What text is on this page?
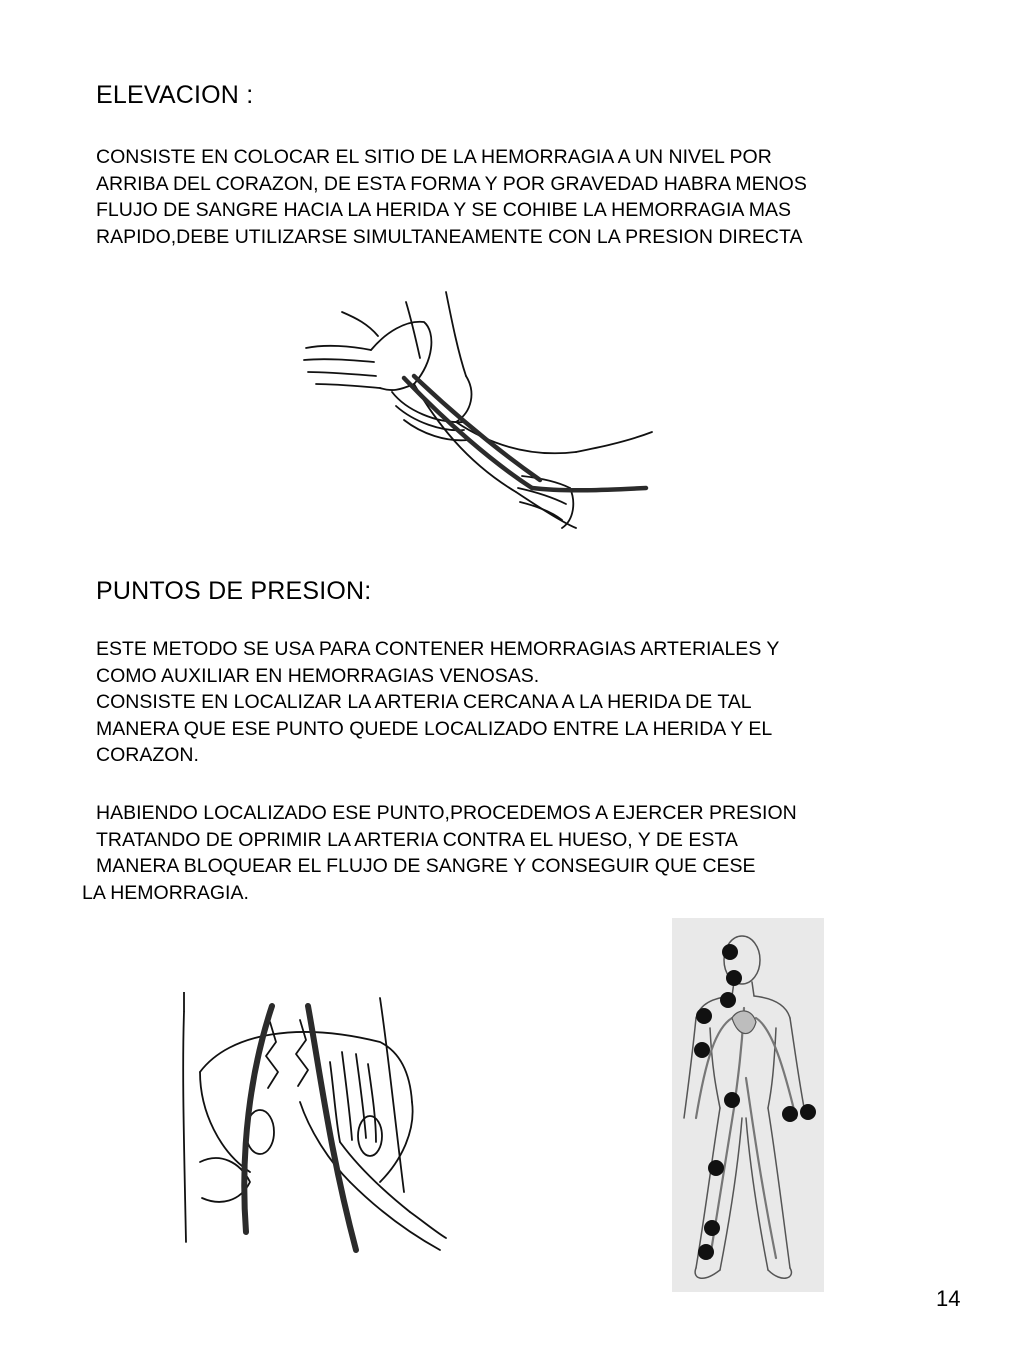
ELEVACION :
CONSISTE EN COLOCAR EL SITIO DE LA HEMORRAGIA A UN NIVEL POR
ARRIBA DEL CORAZON, DE ESTA FORMA Y POR GRAVEDAD HABRA MENOS
FLUJO DE SANGRE HACIA LA HERIDA Y SE COHIBE LA HEMORRAGIA MAS
RAPIDO,DEBE UTILIZARSE SIMULTANEAMENTE CON LA PRESION DIRECTA
PUNTOS DE PRESION:
ESTE METODO SE USA PARA CONTENER HEMORRAGIAS ARTERIALES Y
COMO AUXILIAR EN HEMORRAGIAS VENOSAS.
CONSISTE EN LOCALIZAR LA ARTERIA CERCANA A LA HERIDA DE TAL
MANERA QUE ESE PUNTO QUEDE LOCALIZADO ENTRE LA HERIDA Y EL
CORAZON.
HABIENDO LOCALIZADO ESE PUNTO,PROCEDEMOS A EJERCER PRESION
TRATANDO DE OPRIMIR LA ARTERIA CONTRA EL HUESO, Y DE ESTA
MANERA BLOQUEAR EL FLUJO DE SANGRE Y CONSEGUIR QUE CESE
LA HEMORRAGIA.
14
